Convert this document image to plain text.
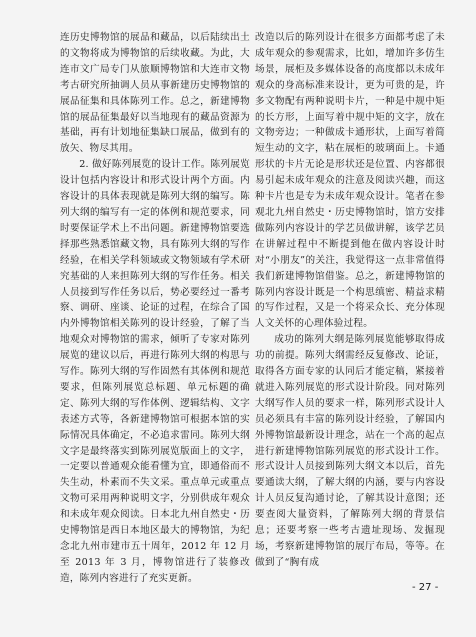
连历史博物馆的展品和藏品，以后陆续出土的文物将成为博物馆的后续收藏。为此，大连市文广局专门从旅顺博物馆和大连市文物考古研究所抽调人员从事新建历史博物馆的展品征集和具体陈列工作。总之，新建博物馆的展品征集最好以当地现有的藏品资源为基础，再有计划地征集缺口展品，做到有的放矢、物尽其用。

2. 做好陈列展览的设计工作。陈列展览设计包括内容设计和形式设计两个方面。内容设计的具体表现就是陈列大纲的编写。陈列大纲的编写有一定的体例和规范要求，同时要保证学术上不出问题。新建博物馆要选择那些熟悉馆藏文物，具有陈列大纲的写作经验，在相关学科领域或文物领域有学术研究基础的人来担陈列大纲的写作任务。相关人员接到写作任务以后，势必要经过一番考察、调研、座谈、论证的过程，在综合了国内外博物馆相关陈列的设计经验，了解了当地观众对博物馆的需求，倾听了专家对陈列展览的建议以后，再进行陈列大纲的构思与写作。陈列大纲的写作固然有其体例和规范要求，但陈列展览总标题、单元标题的确定、陈列大纲的写作体例、逻辑结构、文字表述方式等，各新建博物馆可根据本馆的实际情况具体确定，不必追求雷同。陈列大纲文字是最终落实到陈列展览版面上的文字，一定要以普通观众能看懂为宜，即通俗而不失生动，朴素而不失文采。重点单元或重点文物可采用两种说明文字，分别供成年观众和未成年观众阅读。日本北九州自然史・历史博物馆是西日本地区最大的博物馆，为纪念北九州市建市五十周年，2012 年 12 月至 2013 年 3 月，博物馆进行了装修改造，陈列内容进行了充实更新。

改造以后的陈列设计在很多方面都考虑了未成年观众的参观需求，比如，增加许多仿生场景，展柜及多媒体设备的高度都以未成年观众的身高标准来设计，更为可贵的是，许多文物配有两种说明卡片，一种是中规中矩的长方形，上面写着中规中矩的文字，放在文物旁边；一种做成卡通形状，上面写着简短生动的文字，粘在展柜的玻璃面上。卡通形状的卡片无论是形状还是位置、内容都很易引起未成年观众的注意及阅读兴趣，而这种卡片也是专为未成年观众设计。笔者在参观北九州自然史・历史博物馆时，馆方安排做陈列内容设计的学艺员做讲解，该学艺员在讲解过程中不断提到他在做内容设计时对“小朋友”的关注，我觉得这一点非常值得我们新建博物馆借鉴。总之，新建博物馆的陈列内容设计既是一个构思缜密、精益求精的写作过程，又是一个将采众长、充分体现人文关怀的心理体验过程。

成功的陈列大纲是陈列展览能够取得成功的前提。陈列大纲需经反复修改、论证，取得各方面专家的认同后才能定稿，紧接着就进入陈列展览的形式设计阶段。同对陈列大纲写作人员的要求一样，陈列形式设计人员必须具有丰富的陈列设计经验，了解国内外博物馆最新设计理念，站在一个高的起点进行新建博物馆陈列展览的形式设计工作。形式设计人员接到陈列大纲文本以后，首先要通读大纲，了解大纲的内涵，要与内容设计人员反复沟通讨论，了解其设计意图；还要查阅大量资料，了解陈列大纲的背景信息；还要考察一些考古遗址现场、发掘现场，考察新建博物馆的展厅布局，等等。在做到了“胸有成

- 27 -
